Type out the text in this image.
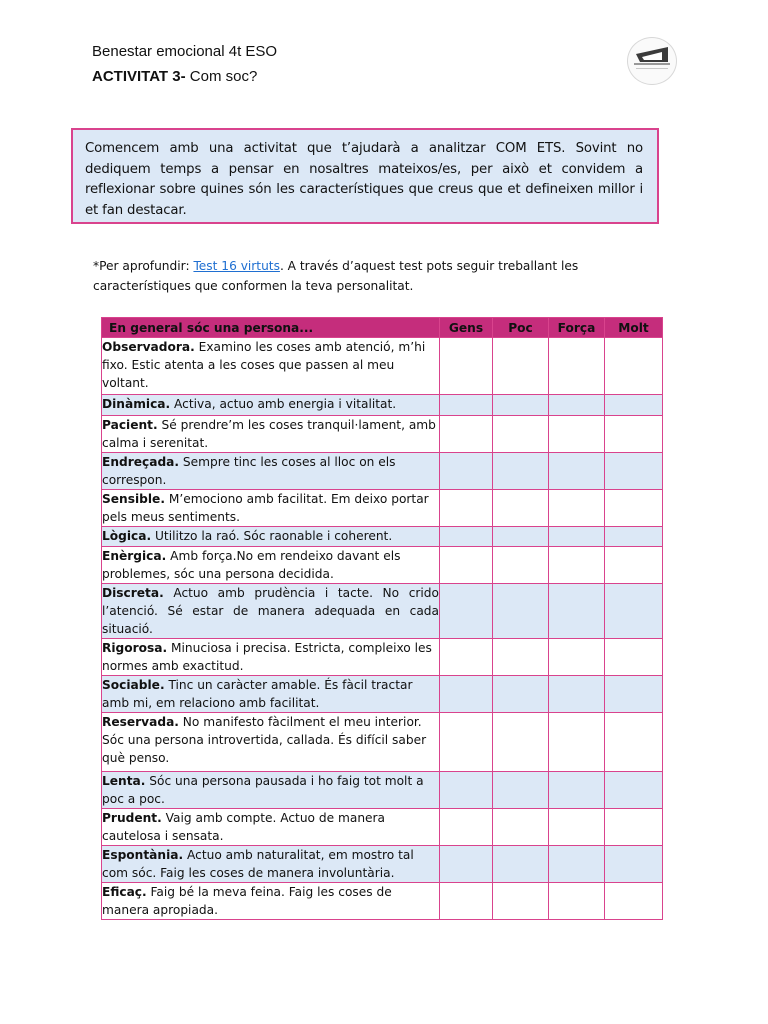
Benestar emocional 4t ESO
ACTIVITAT 3- Com soc?
Comencem amb una activitat que t’ajudarà a analitzar COM ETS. Sovint no dediquem temps a pensar en nosaltres mateixos/es, per això et convidem a reflexionar sobre quines són les característiques que creus que et defineixen millor i et fan destacar.
*Per aprofundir: Test 16 virtuts. A través d’aquest test pots seguir treballant les característiques que conformen la teva personalitat.
En general sóc una persona...	Gens	Poc	Força	Molt
Observadora. Examino les coses amb atenció, m’hi fixo. Estic atenta a les coses que passen al meu voltant.				
Dinàmica. Activa, actuo amb energia i vitalitat.				
Pacient. Sé prendre’m les coses tranquil·lament, amb calma i serenitat.				
Endreçada. Sempre tinc les coses al lloc on els correspon.				
Sensible. M’emociono amb facilitat. Em deixo portar pels meus sentiments.				
Lògica. Utilitzo la raó. Sóc raonable i coherent.				
Enèrgica. Amb força.No em rendeixo davant els problemes, sóc una persona decidida.				
Discreta. Actuo amb prudència i tacte. No crido l’atenció. Sé estar de manera adequada en cada situació.				
Rigorosa. Minuciosa i precisa. Estricta, compleixo les normes amb exactitud.				
Sociable. Tinc un caràcter amable. És fàcil tractar amb mi, em relaciono amb facilitat.				
Reservada. No manifesto fàcilment el meu interior. Sóc una persona introvertida, callada. És difícil saber què penso.				
Lenta. Sóc una persona pausada i ho faig tot molt a poc a poc.				
Prudent. Vaig amb compte. Actuo de manera cautelosa i sensata.				
Espontània. Actuo amb naturalitat, em mostro tal com sóc. Faig les coses de manera involuntària.				
Eficaç. Faig bé la meva feina. Faig les coses de manera apropiada.				
